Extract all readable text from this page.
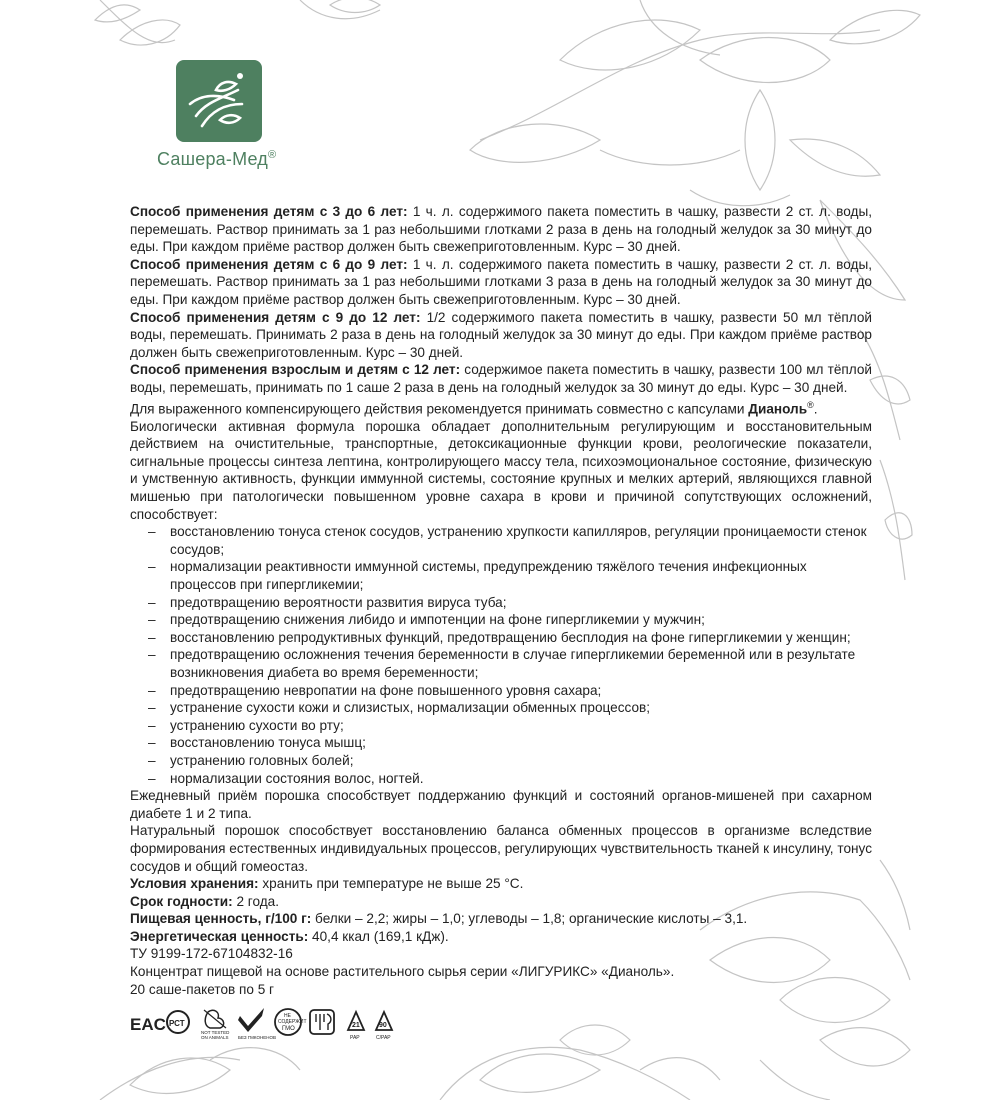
Сашера-Мед®

Способ применения детям с 3 до 6 лет: 1 ч. л. содержимого пакета поместить в чашку, развести 2 ст. л. воды, перемешать. Раствор принимать за 1 раз небольшими глотками 2 раза в день на голодный желудок за 30 минут до еды. При каждом приёме раствор должен быть свежеприготовленным. Курс – 30 дней.

Способ применения детям с 6 до 9 лет: 1 ч. л. содержимого пакета поместить в чашку, развести 2 ст. л. воды, перемешать. Раствор принимать за 1 раз небольшими глотками 3 раза в день на голодный желудок за 30 минут до еды. При каждом приёме раствор должен быть свежеприготовленным. Курс – 30 дней.

Способ применения детям с 9 до 12 лет: 1/2 содержимого пакета поместить в чашку, развести 50 мл тёплой воды, перемешать. Принимать 2 раза в день на голодный желудок за 30 минут до еды. При каждом приёме раствор должен быть свежеприготовленным. Курс – 30 дней.

Способ применения взрослым и детям с 12 лет: содержимое пакета поместить в чашку, развести 100 мл тёплой воды, перемешать, принимать по 1 саше 2 раза в день на голодный желудок за 30 минут до еды. Курс – 30 дней.

Для выраженного компенсирующего действия рекомендуется принимать совместно с капсулами Дианоль®.

Биологически активная формула порошка обладает дополнительным регулирующим и восстановительным действием на очистительные, транспортные, детоксикационные функции крови, реологические показатели, сигнальные процессы синтеза лептина, контролирующего массу тела, психоэмоциональное состояние, физическую и умственную активность, функции иммунной системы, состояние крупных и мелких артерий, являющихся главной мишенью при патологически повышенном уровне сахара в крови и причиной сопутствующих осложнений, способствует:

– восстановлению тонуса стенок сосудов, устранению хрупкости капилляров, регуляции проницаемости стенок сосудов;
– нормализации реактивности иммунной системы, предупреждению тяжёлого течения инфекционных процессов при гипергликемии;
– предотвращению вероятности развития вируса туба;
– предотвращению снижения либидо и импотенции на фоне гипергликемии у мужчин;
– восстановлению репродуктивных функций, предотвращению бесплодия на фоне гипергликемии у женщин;
– предотвращению осложнения течения беременности в случае гипергликемии беременной или в результате возникновения диабета во время беременности;
– предотвращению невропатии на фоне повышенного уровня сахара;
– устранение сухости кожи и слизистых, нормализации обменных процессов;
– устранению сухости во рту;
– восстановлению тонуса мышц;
– устранению головных болей;
– нормализации состояния волос, ногтей.

Ежедневный приём порошка способствует поддержанию функций и состояний органов-мишеней при сахарном диабете 1 и 2 типа.

Натуральный порошок способствует восстановлению баланса обменных процессов в организме вследствие формирования естественных индивидуальных процессов, регулирующих чувствительность тканей к инсулину, тонус сосудов и общий гомеостаз.

Условия хранения: хранить при температуре не выше 25 °С.

Срок годности: 2 года.

Пищевая ценность, г/100 г: белки – 2,2; жиры – 1,0; углеводы – 1,8; органические кислоты – 3,1.

Энергетическая ценность: 40,4 ккал (169,1 кДж).

ТУ 9199-172-67104832-16

Концентрат пищевой на основе растительного сырья серии «ЛИГУРИКС» «Дианоль».

20 саше-пакетов по 5 г

EAC РСТ
NOT TESTED
ON ANIMALS БЕЗ ГМКОНЕНОВ
НЕ
СОДЕРЖИТ
ГМО	21
PAP
90
C/PAP
